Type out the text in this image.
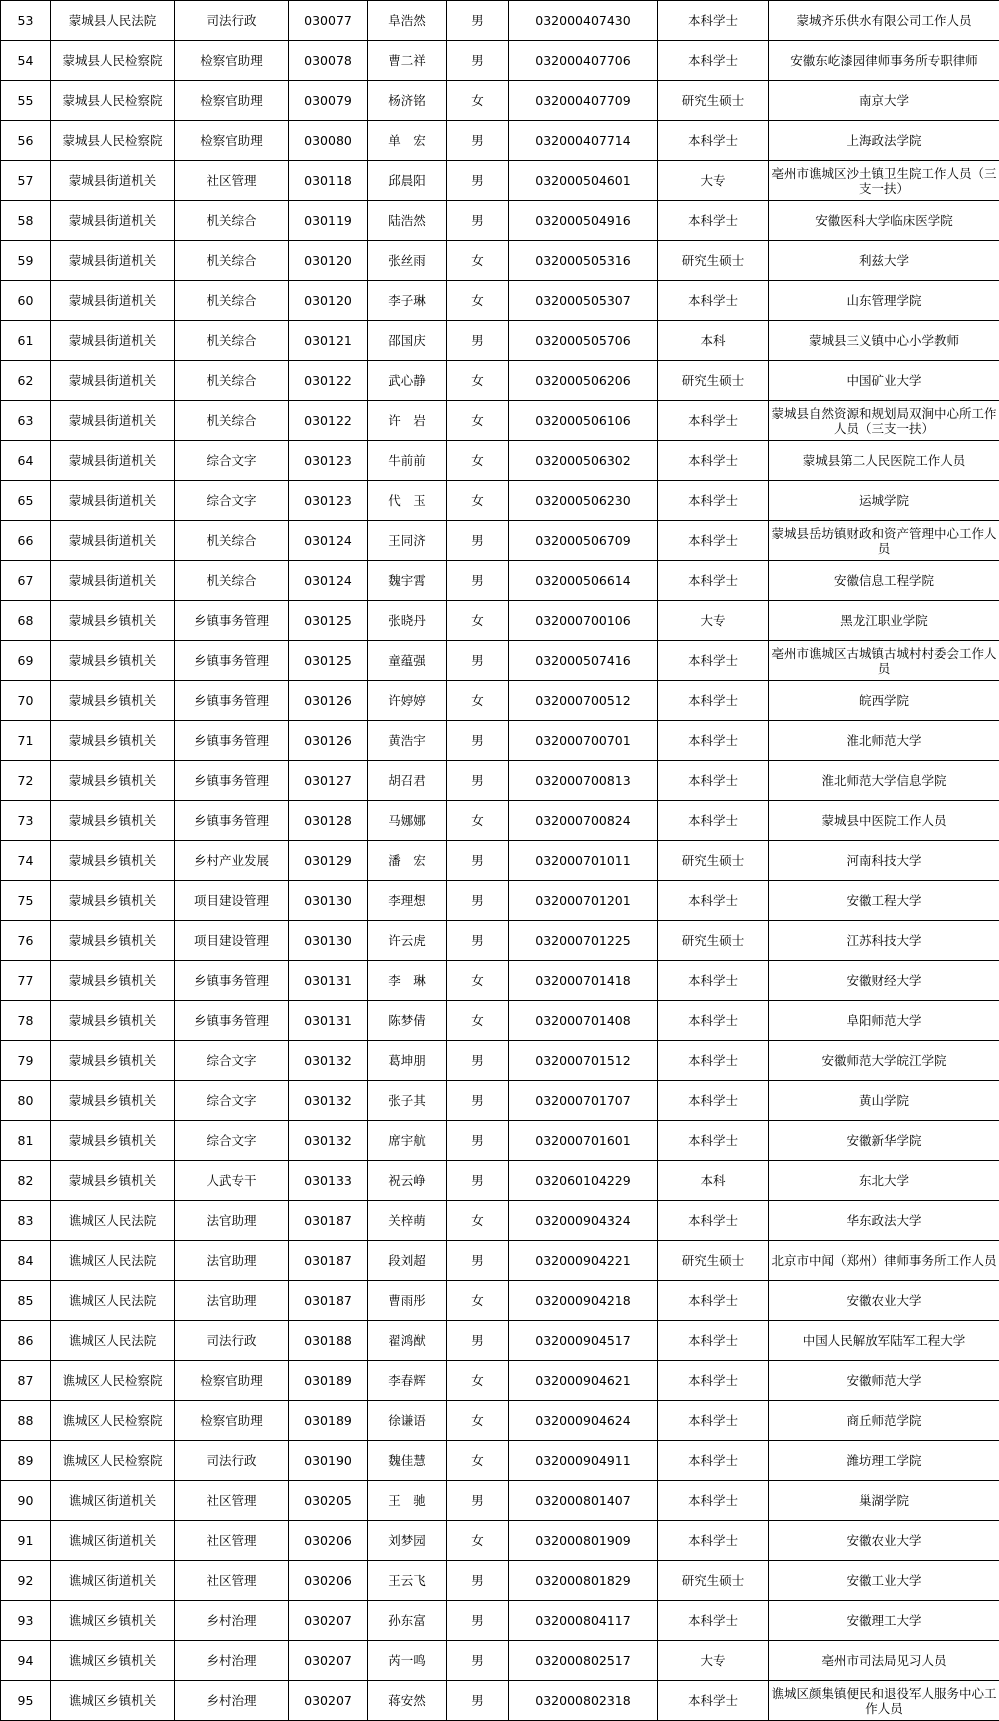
53	蒙城县人民法院	司法行政	030077	阜浩然	男	032000407430	本科学士	蒙城齐乐供水有限公司工作人员
54	蒙城县人民检察院	检察官助理	030078	曹二祥	男	032000407706	本科学士	安徽东屹漆园律师事务所专职律师
55	蒙城县人民检察院	检察官助理	030079	杨济铭	女	032000407709	研究生硕士	南京大学
56	蒙城县人民检察院	检察官助理	030080	单　宏	男	032000407714	本科学士	上海政法学院
57	蒙城县街道机关	社区管理	030118	邱晨阳	男	032000504601	大专	亳州市谯城区沙土镇卫生院工作人员（三支一扶）
58	蒙城县街道机关	机关综合	030119	陆浩然	男	032000504916	本科学士	安徽医科大学临床医学院
59	蒙城县街道机关	机关综合	030120	张丝雨	女	032000505316	研究生硕士	利兹大学
60	蒙城县街道机关	机关综合	030120	李子琳	女	032000505307	本科学士	山东管理学院
61	蒙城县街道机关	机关综合	030121	邵国庆	男	032000505706	本科	蒙城县三义镇中心小学教师
62	蒙城县街道机关	机关综合	030122	武心静	女	032000506206	研究生硕士	中国矿业大学
63	蒙城县街道机关	机关综合	030122	许　岩	女	032000506106	本科学士	蒙城县自然资源和规划局双涧中心所工作人员（三支一扶）
64	蒙城县街道机关	综合文字	030123	牛前前	女	032000506302	本科学士	蒙城县第二人民医院工作人员
65	蒙城县街道机关	综合文字	030123	代　玉	女	032000506230	本科学士	运城学院
66	蒙城县街道机关	机关综合	030124	王同济	男	032000506709	本科学士	蒙城县岳坊镇财政和资产管理中心工作人员
67	蒙城县街道机关	机关综合	030124	魏宇霄	男	032000506614	本科学士	安徽信息工程学院
68	蒙城县乡镇机关	乡镇事务管理	030125	张晓丹	女	032000700106	大专	黑龙江职业学院
69	蒙城县乡镇机关	乡镇事务管理	030125	童蕴强	男	032000507416	本科学士	亳州市谯城区古城镇古城村村委会工作人员
70	蒙城县乡镇机关	乡镇事务管理	030126	许婷婷	女	032000700512	本科学士	皖西学院
71	蒙城县乡镇机关	乡镇事务管理	030126	黄浩宇	男	032000700701	本科学士	淮北师范大学
72	蒙城县乡镇机关	乡镇事务管理	030127	胡召君	男	032000700813	本科学士	淮北师范大学信息学院
73	蒙城县乡镇机关	乡镇事务管理	030128	马娜娜	女	032000700824	本科学士	蒙城县中医院工作人员
74	蒙城县乡镇机关	乡村产业发展	030129	潘　宏	男	032000701011	研究生硕士	河南科技大学
75	蒙城县乡镇机关	项目建设管理	030130	李理想	男	032000701201	本科学士	安徽工程大学
76	蒙城县乡镇机关	项目建设管理	030130	许云虎	男	032000701225	研究生硕士	江苏科技大学
77	蒙城县乡镇机关	乡镇事务管理	030131	李　琳	女	032000701418	本科学士	安徽财经大学
78	蒙城县乡镇机关	乡镇事务管理	030131	陈梦倩	女	032000701408	本科学士	阜阳师范大学
79	蒙城县乡镇机关	综合文字	030132	葛坤朋	男	032000701512	本科学士	安徽师范大学皖江学院
80	蒙城县乡镇机关	综合文字	030132	张子其	男	032000701707	本科学士	黄山学院
81	蒙城县乡镇机关	综合文字	030132	席宇航	男	032000701601	本科学士	安徽新华学院
82	蒙城县乡镇机关	人武专干	030133	祝云峥	男	032060104229	本科	东北大学
83	谯城区人民法院	法官助理	030187	关梓萌	女	032000904324	本科学士	华东政法大学
84	谯城区人民法院	法官助理	030187	段刘超	男	032000904221	研究生硕士	北京市中闻（郑州）律师事务所工作人员
85	谯城区人民法院	法官助理	030187	曹雨彤	女	032000904218	本科学士	安徽农业大学
86	谯城区人民法院	司法行政	030188	翟鸿猷	男	032000904517	本科学士	中国人民解放军陆军工程大学
87	谯城区人民检察院	检察官助理	030189	李春辉	女	032000904621	本科学士	安徽师范大学
88	谯城区人民检察院	检察官助理	030189	徐谦语	女	032000904624	本科学士	商丘师范学院
89	谯城区人民检察院	司法行政	030190	魏佳慧	女	032000904911	本科学士	潍坊理工学院
90	谯城区街道机关	社区管理	030205	王　驰	男	032000801407	本科学士	巢湖学院
91	谯城区街道机关	社区管理	030206	刘梦园	女	032000801909	本科学士	安徽农业大学
92	谯城区街道机关	社区管理	030206	王云飞	男	032000801829	研究生硕士	安徽工业大学
93	谯城区乡镇机关	乡村治理	030207	孙东富	男	032000804117	本科学士	安徽理工大学
94	谯城区乡镇机关	乡村治理	030207	芮一鸣	男	032000802517	大专	亳州市司法局见习人员
95	谯城区乡镇机关	乡村治理	030207	蒋安然	男	032000802318	本科学士	谯城区颜集镇便民和退役军人服务中心工作人员
